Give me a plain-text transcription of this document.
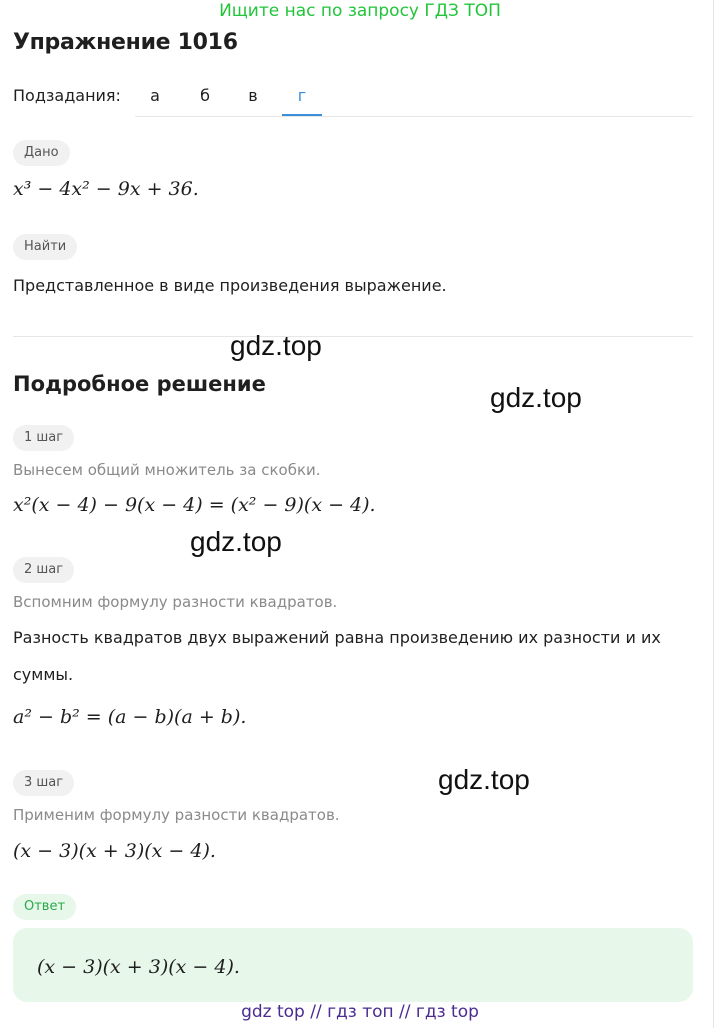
Ищите нас по запросу ГДЗ ТОП
Упражнение 1016
Подзадания:	а	б	в	г
Дано
x³ − 4x² − 9x + 36.
Найти
Представленное в виде произведения выражение.
gdz.top
Подробное решение	gdz.top
1 шаг
Вынесем общий множитель за скобки.
x²(x − 4) − 9(x − 4) = (x² − 9)(x − 4).
gdz.top
2 шаг
Вспомним формулу разности квадратов.
Разность квадратов двух выражений равна произведению их разности и их
суммы.
a² − b² = (a − b)(a + b).
3 шаг	gdz.top
Применим формулу разности квадратов.
(x − 3)(x + 3)(x − 4).
Ответ
(x − 3)(x + 3)(x − 4).
gdz top // гдз топ // гдз top
